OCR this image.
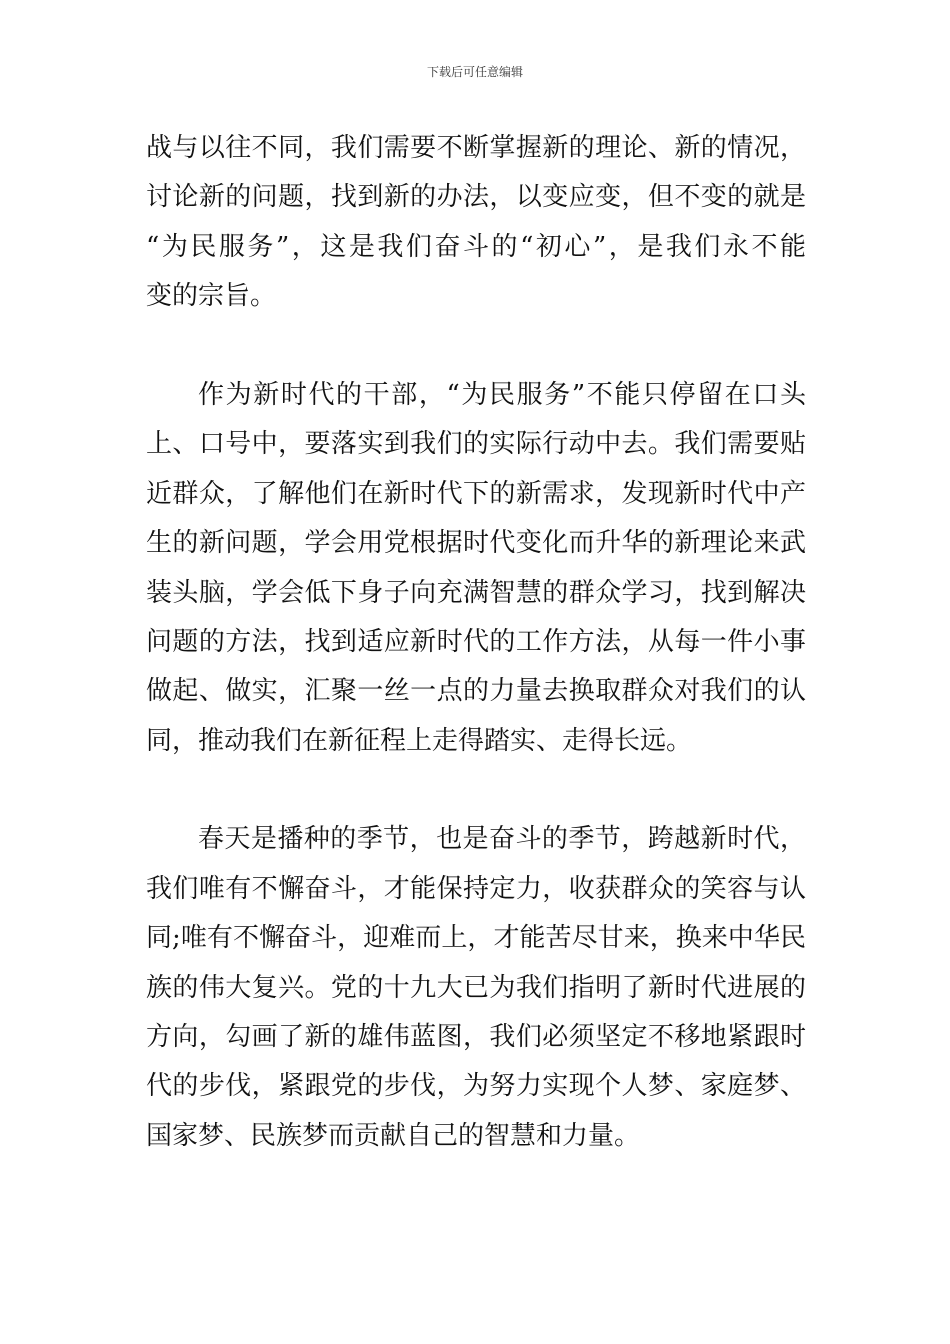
下载后可任意编辑
战与以往不同，我们需要不断掌握新的理论、新的情况，
讨论新的问题，找到新的办法，以变应变，但不变的就是
“为民服务”，这是我们奋斗的“初心”，是我们永不能
变的宗旨。
作为新时代的干部，“为民服务”不能只停留在口头
上、口号中，要落实到我们的实际行动中去。我们需要贴
近群众，了解他们在新时代下的新需求，发现新时代中产
生的新问题，学会用党根据时代变化而升华的新理论来武
装头脑，学会低下身子向充满智慧的群众学习，找到解决
问题的方法，找到适应新时代的工作方法，从每一件小事
做起、做实，汇聚一丝一点的力量去换取群众对我们的认
同，推动我们在新征程上走得踏实、走得长远。
春天是播种的季节，也是奋斗的季节，跨越新时代，
我们唯有不懈奋斗，才能保持定力，收获群众的笑容与认
同;唯有不懈奋斗，迎难而上，才能苦尽甘来，换来中华民
族的伟大复兴。党的十九大已为我们指明了新时代进展的
方向，勾画了新的雄伟蓝图，我们必须坚定不移地紧跟时
代的步伐，紧跟党的步伐，为努力实现个人梦、家庭梦、
国家梦、民族梦而贡献自己的智慧和力量。
